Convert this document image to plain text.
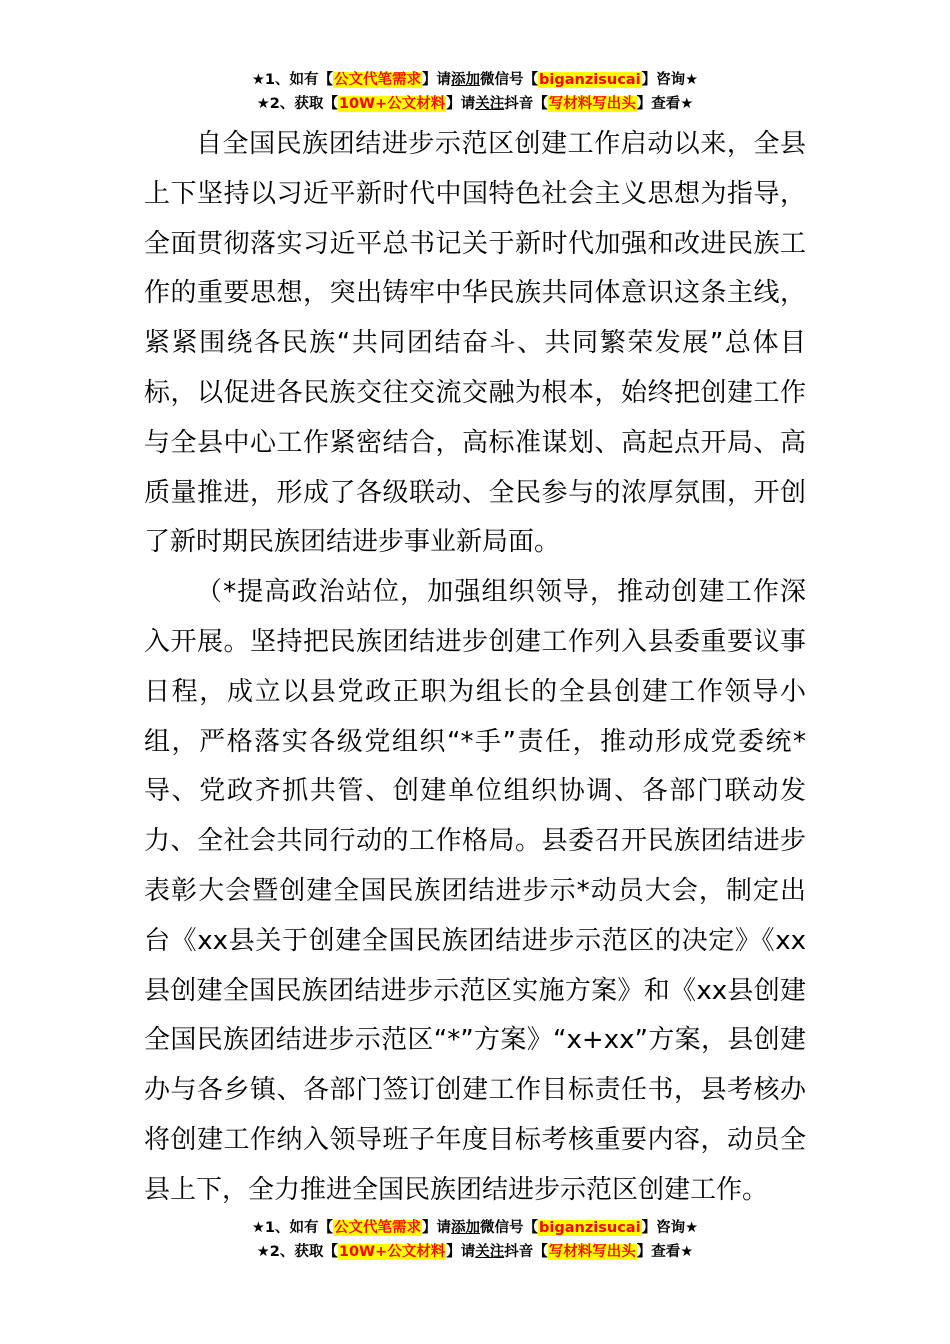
★1、如有【公文代笔需求】请添加微信号【biganzisucai】咨询★
★2、获取【10W+公文材料】请关注抖音【写材料写出头】查看★

自全国民族团结进步示范区创建工作启动以来，全县上下坚持以习近平新时代中国特色社会主义思想为指导，全面贯彻落实习近平总书记关于新时代加强和改进民族工作的重要思想，突出铸牢中华民族共同体意识这条主线，紧紧围绕各民族“共同团结奋斗、共同繁荣发展”总体目标，以促进各民族交往交流交融为根本，始终把创建工作与全县中心工作紧密结合，高标准谋划、高起点开局、高质量推进，形成了各级联动、全民参与的浓厚氛围，开创了新时期民族团结进步事业新局面。

（*提高政治站位，加强组织领导，推动创建工作深入开展。坚持把民族团结进步创建工作列入县委重要议事日程，成立以县党政正职为组长的全县创建工作领导小组，严格落实各级党组织“*手”责任，推动形成党委统*导、党政齐抓共管、创建单位组织协调、各部门联动发力、全社会共同行动的工作格局。县委召开民族团结进步表彰大会暨创建全国民族团结进步示*动员大会，制定出台《xx县关于创建全国民族团结进步示范区的决定》《xx县创建全国民族团结进步示范区实施方案》和《xx县创建全国民族团结进步示范区“*”方案》“x+xx”方案，县创建办与各乡镇、各部门签订创建工作目标责任书，县考核办将创建工作纳入领导班子年度目标考核重要内容，动员全县上下，全力推进全国民族团结进步示范区创建工作。

★1、如有【公文代笔需求】请添加微信号【biganzisucai】咨询★
★2、获取【10W+公文材料】请关注抖音【写材料写出头】查看★
